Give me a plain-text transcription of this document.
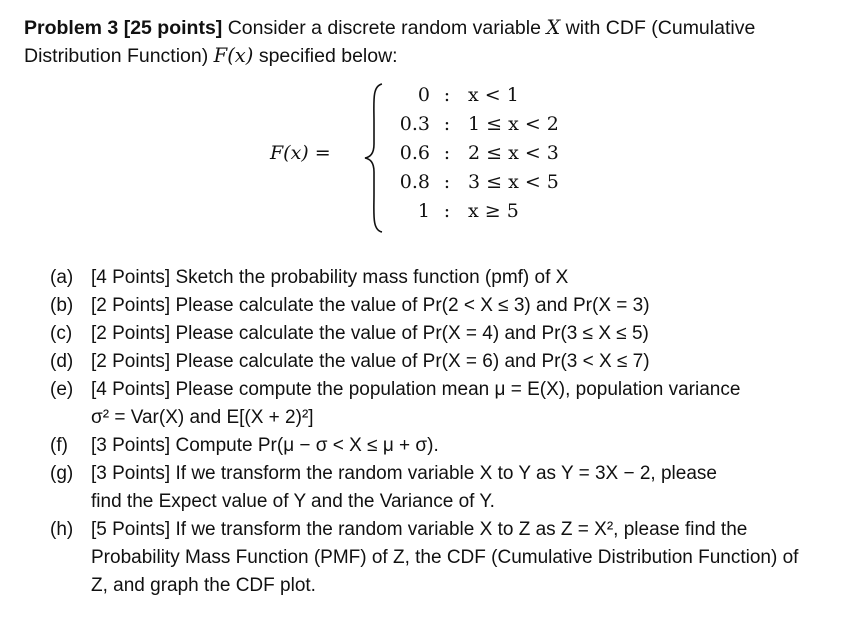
Problem 3 [25 points] Consider a discrete random variable X with CDF (Cumulative
Distribution Function) F(x) specified below:
F(x) =
0 : x < 1
0.3 : 1 ≤ x < 2
0.6 : 2 ≤ x < 3
0.8 : 3 ≤ x < 5
1 : x ≥ 5
(a) [4 Points] Sketch the probability mass function (pmf) of X
(b) [2 Points] Please calculate the value of Pr(2 < X ≤ 3) and Pr(X = 3)
(c) [2 Points] Please calculate the value of Pr(X = 4) and Pr(3 ≤ X ≤ 5)
(d) [2 Points] Please calculate the value of Pr(X = 6) and Pr(3 < X ≤ 7)
(e) [4 Points] Please compute the population mean μ = E(X), population variance
σ² = Var(X) and E[(X + 2)²]
(f) [3 Points] Compute Pr(μ − σ < X ≤ μ + σ).
(g) [3 Points] If we transform the random variable X to Y as Y = 3X − 2, please
find the Expect value of Y and the Variance of Y.
(h) [5 Points] If we transform the random variable X to Z as Z = X², please find the
Probability Mass Function (PMF) of Z, the CDF (Cumulative Distribution Function) of
Z, and graph the CDF plot.
